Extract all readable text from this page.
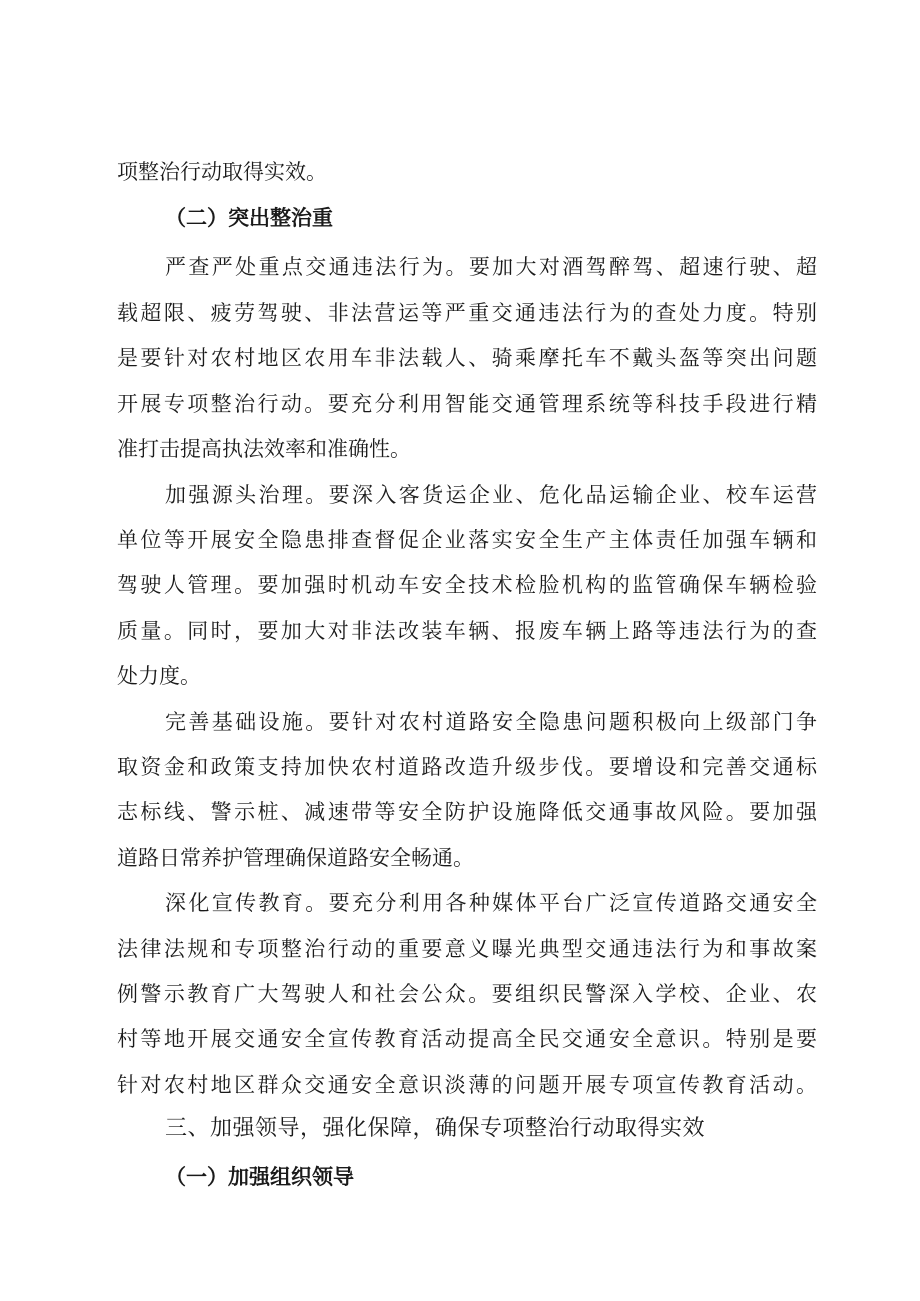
项整治行动取得实效。
（二）突出整治重
严查严处重点交通违法行为。要加大对酒驾醉驾、超速行驶、超
载超限、疲劳驾驶、非法营运等严重交通违法行为的查处力度。特别
是要针对农村地区农用车非法载人、骑乘摩托车不戴头盔等突出问题
开展专项整治行动。要充分利用智能交通管理系统等科技手段进行精
准打击提高执法效率和准确性。
加强源头治理。要深入客货运企业、危化品运输企业、校车运营
单位等开展安全隐患排查督促企业落实安全生产主体责任加强车辆和
驾驶人管理。要加强时机动车安全技术检脸机构的监管确保车辆检验
质量。同时，要加大对非法改装车辆、报废车辆上路等违法行为的查
处力度。
完善基础设施。要针对农村道路安全隐患问题积极向上级部门争
取资金和政策支持加快农村道路改造升级步伐。要增设和完善交通标
志标线、警示桩、减速带等安全防护设施降低交通事故风险。要加强
道路日常养护管理确保道路安全畅通。
深化宣传教育。要充分利用各种媒体平台广泛宣传道路交通安全
法律法规和专项整治行动的重要意义曝光典型交通违法行为和事故案
例警示教育广大驾驶人和社会公众。要组织民警深入学校、企业、农
村等地开展交通安全宣传教育活动提高全民交通安全意识。特别是要
针对农村地区群众交通安全意识淡薄的问题开展专项宣传教育活动。
三、加强领导，强化保障，确保专项整治行动取得实效
（一）加强组织领导
